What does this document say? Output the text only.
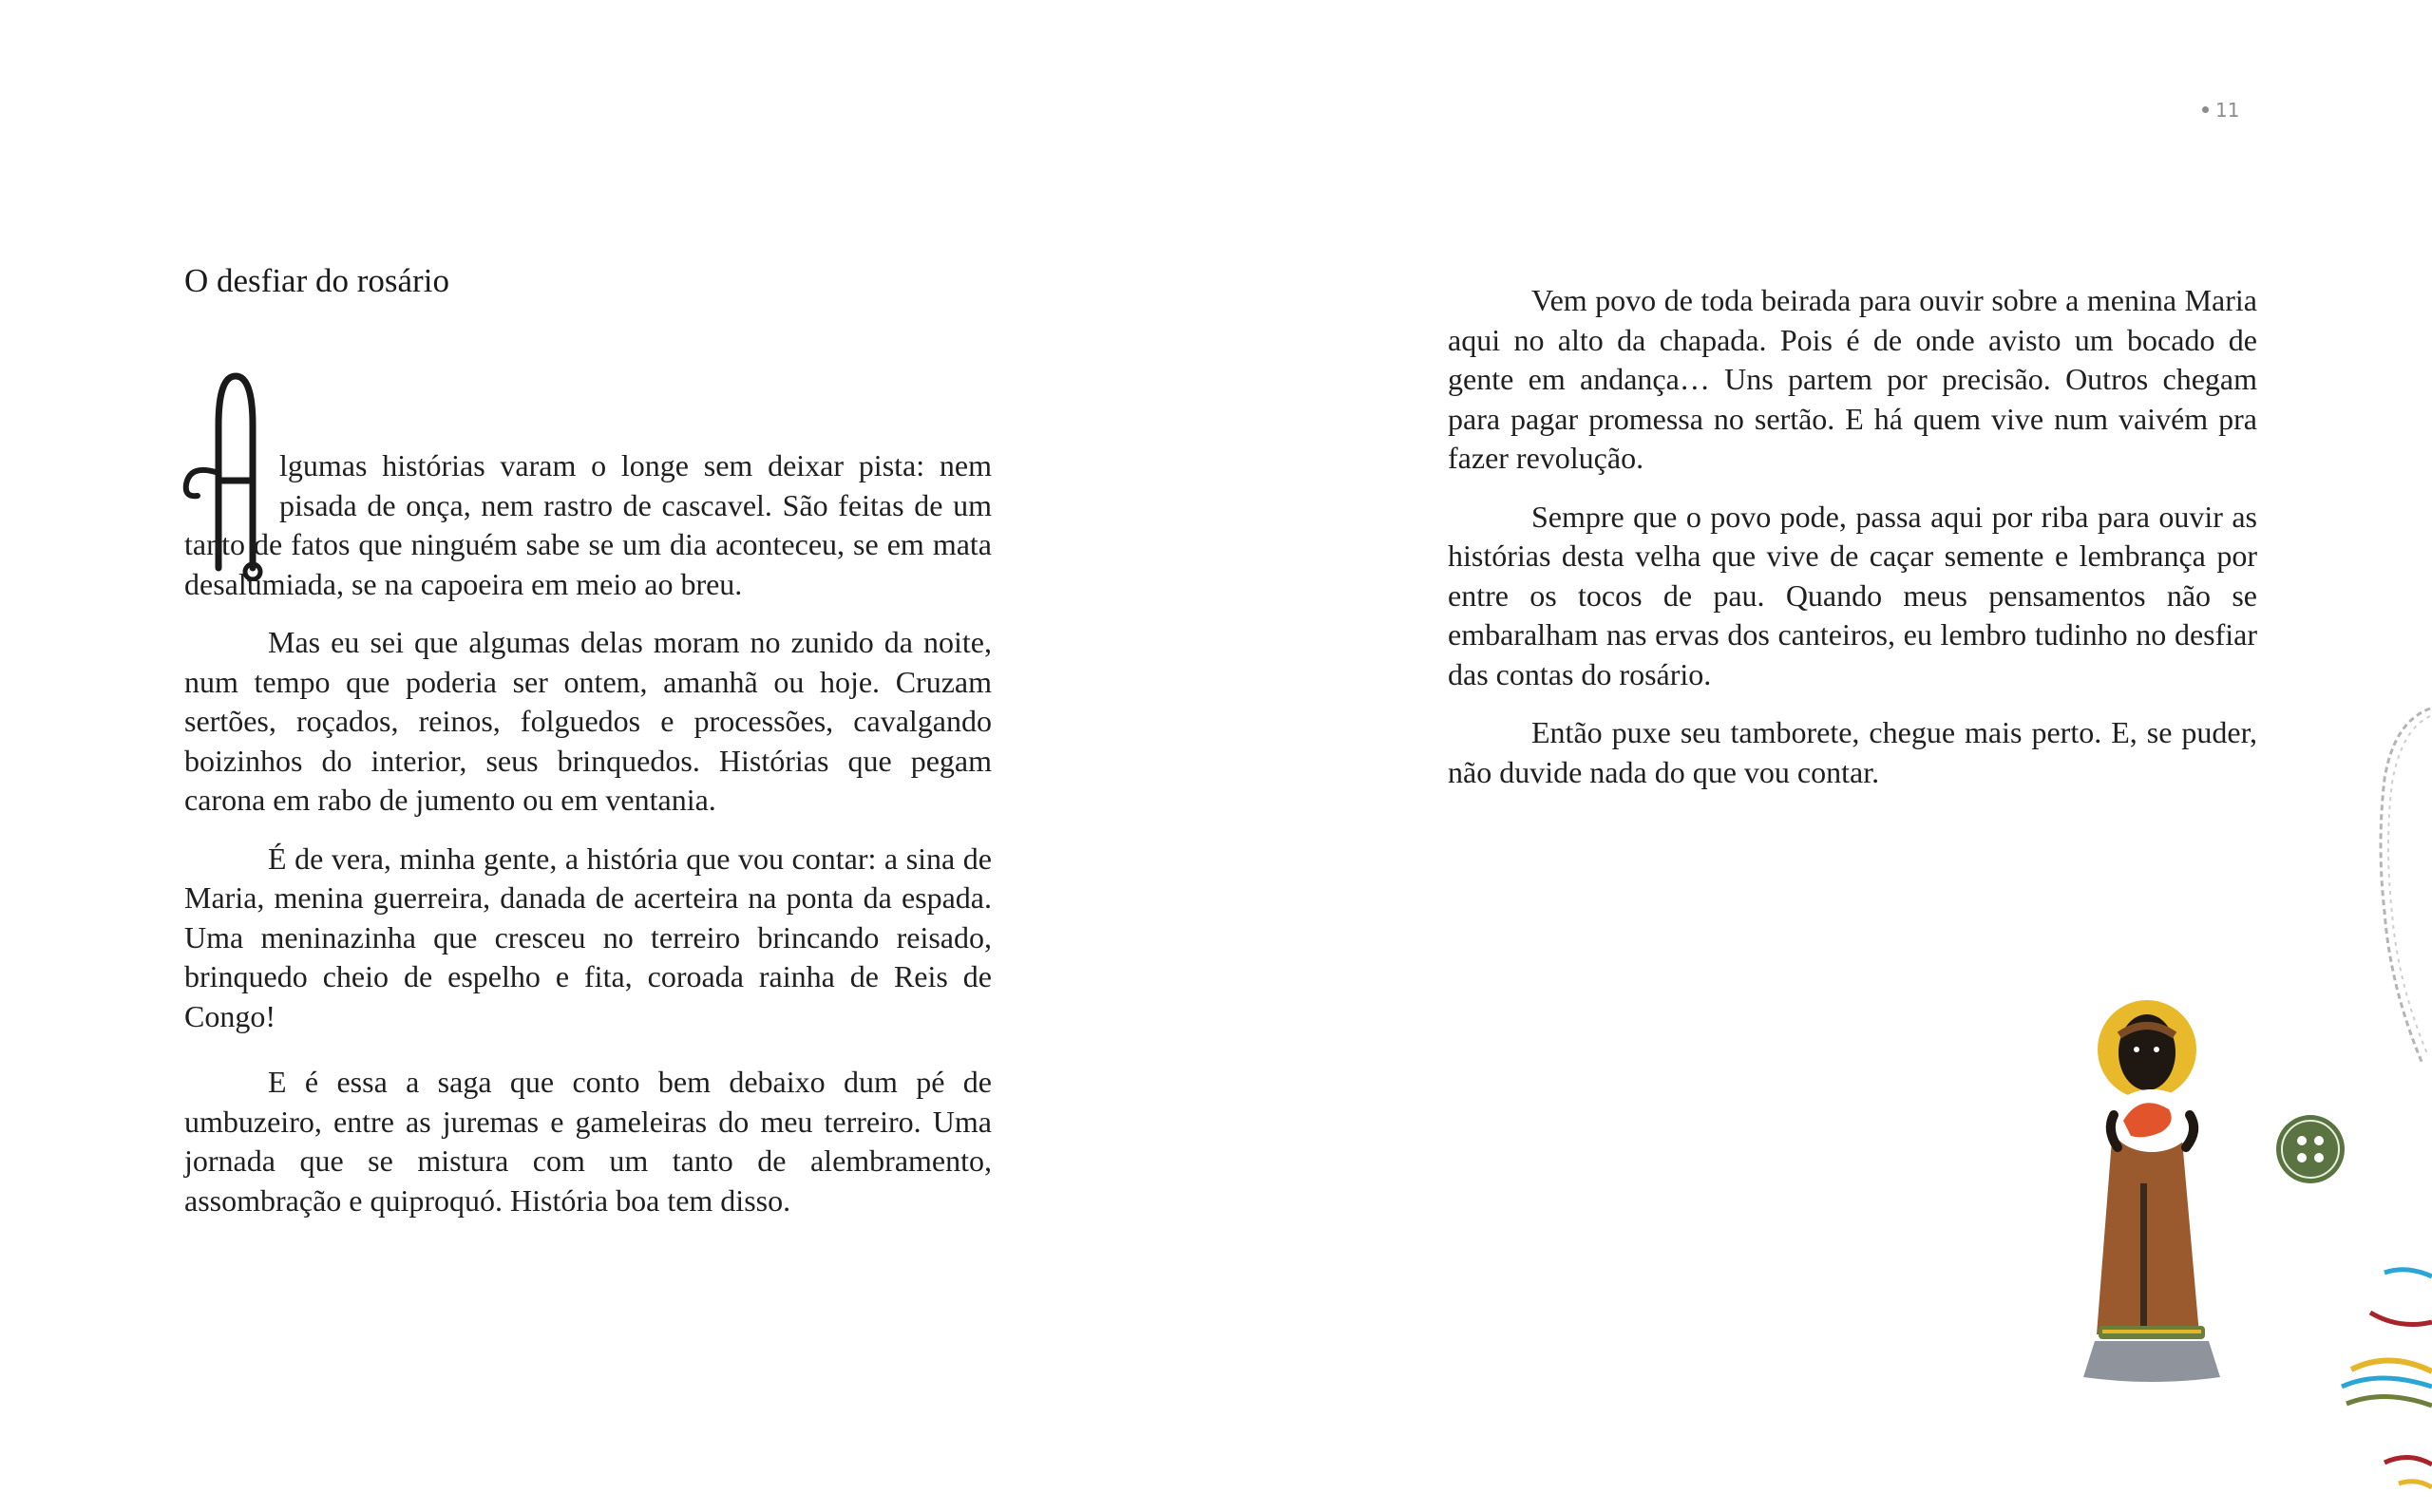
11
O desfiar do rosário

lgumas histórias varam o longe sem deixar pista: nem pisada de onça, nem rastro de cascavel. São feitas de um tanto de fatos que ninguém sabe se um dia aconteceu, se em mata desalumiada, se na capoeira em meio ao breu.

Mas eu sei que algumas delas moram no zunido da noite, num tempo que poderia ser ontem, amanhã ou hoje. Cruzam sertões, roçados, reinos, folguedos e processões, cavalgando boizinhos do interior, seus brinquedos. Histórias que pegam carona em rabo de jumento ou em ventania.

É de vera, minha gente, a história que vou contar: a sina de Maria, menina guerreira, danada de acerteira na ponta da espada. Uma meninazinha que cresceu no terreiro brincando reisado, brinquedo cheio de espelho e fita, coroada rainha de Reis de Congo!

E é essa a saga que conto bem debaixo dum pé de umbuzeiro, entre as juremas e gameleiras do meu terreiro. Uma jornada que se mistura com um tanto de alembramento, assombração e quiproquó. História boa tem disso.

Vem povo de toda beirada para ouvir sobre a menina Maria aqui no alto da chapada. Pois é de onde avisto um bocado de gente em andança… Uns partem por precisão. Outros chegam para pagar promessa no sertão. E há quem vive num vaivém pra fazer revolução.

Sempre que o povo pode, passa aqui por riba para ouvir as histórias desta velha que vive de caçar semente e lembrança por entre os tocos de pau. Quando meus pensamentos não se embaralham nas ervas dos canteiros, eu lembro tudinho no desfiar das contas do rosário.

Então puxe seu tamborete, chegue mais perto. E, se puder, não duvide nada do que vou contar.
